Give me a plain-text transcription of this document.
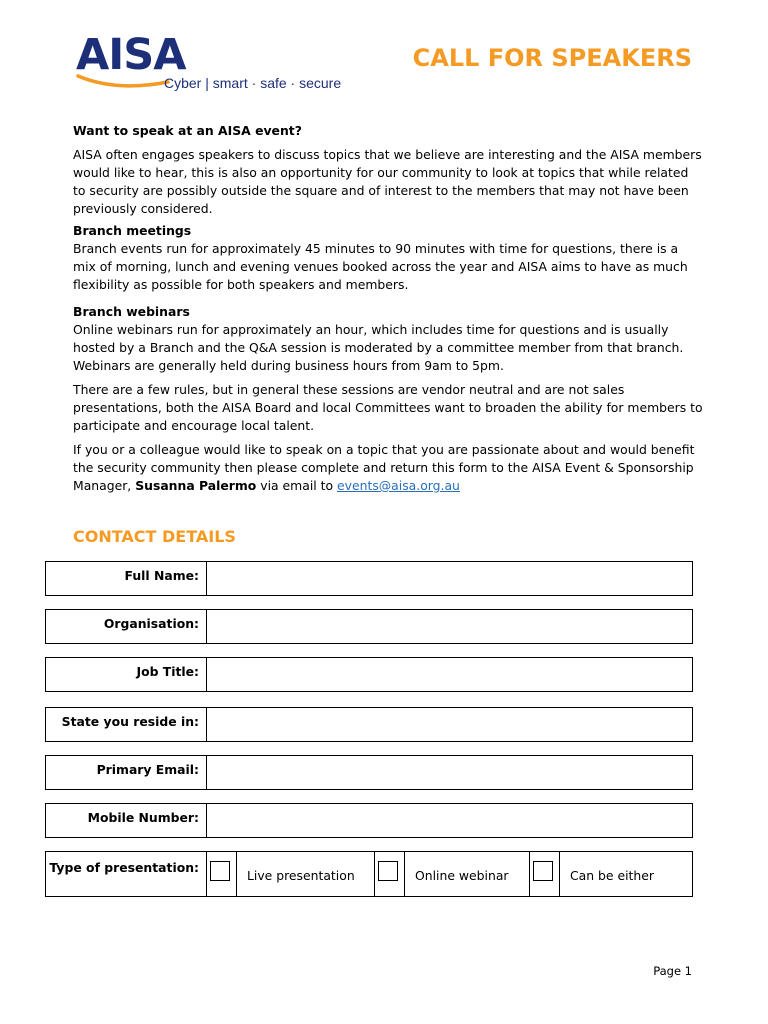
AISA
Cyber | smart · safe · secure
CALL FOR SPEAKERS
Want to speak at an AISA event?

AISA often engages speakers to discuss topics that we believe are interesting and the AISA members would like to hear, this is also an opportunity for our community to look at topics that while related to security are possibly outside the square and of interest to the members that may not have been previously considered.

Branch meetings

Branch events run for approximately 45 minutes to 90 minutes with time for questions, there is a mix of morning, lunch and evening venues booked across the year and AISA aims to have as much flexibility as possible for both speakers and members.

Branch webinars

Online webinars run for approximately an hour, which includes time for questions and is usually hosted by a Branch and the Q&A session is moderated by a committee member from that branch. Webinars are generally held during business hours from 9am to 5pm.

There are a few rules, but in general these sessions are vendor neutral and are not sales presentations, both the AISA Board and local Committees want to broaden the ability for members to participate and encourage local talent.

If you or a colleague would like to speak on a topic that you are passionate about and would benefit the security community then please complete and return this form to the AISA Event & Sponsorship Manager, Susanna Palermo via email to events@aisa.org.au

CONTACT DETAILS
Full Name:
Organisation:
Job Title:
State you reside in:
Primary Email:
Mobile Number:
Type of presentation:
Live presentation	Online webinar	Can be either
Page 1
